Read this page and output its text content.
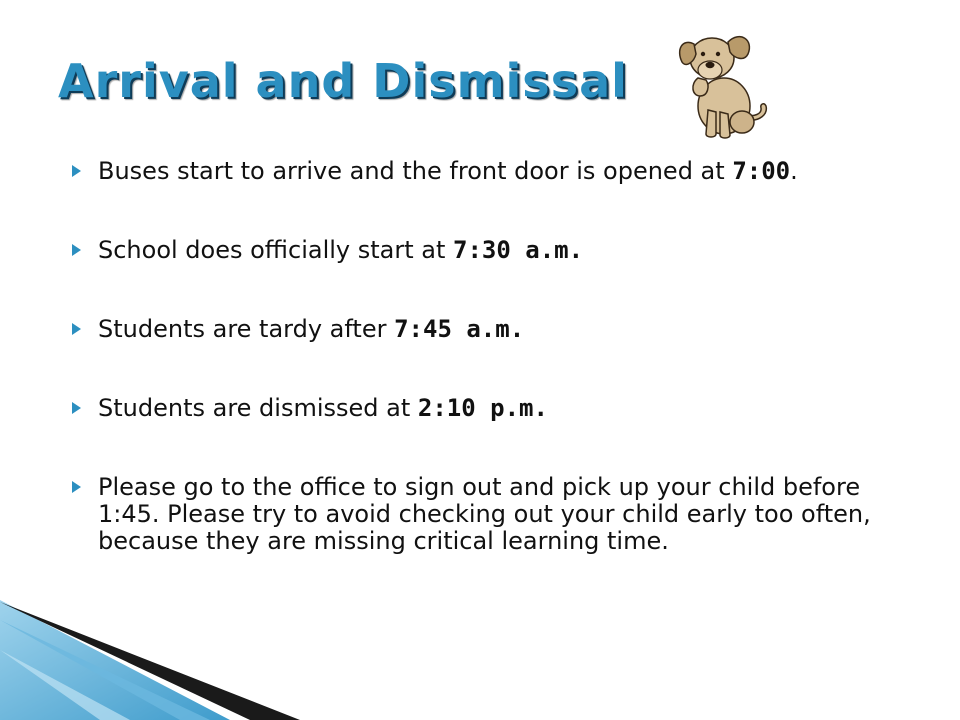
Arrival and Dismissal
Buses start to arrive and the front door is opened at 7:00.
School does officially start at 7:30 a.m.
Students are tardy after 7:45 a.m.
Students are dismissed at 2:10 p.m.
Please go to the office to sign out and pick up your child before 1:45. Please try to avoid checking out your child early too often, because they are missing critical learning time.
